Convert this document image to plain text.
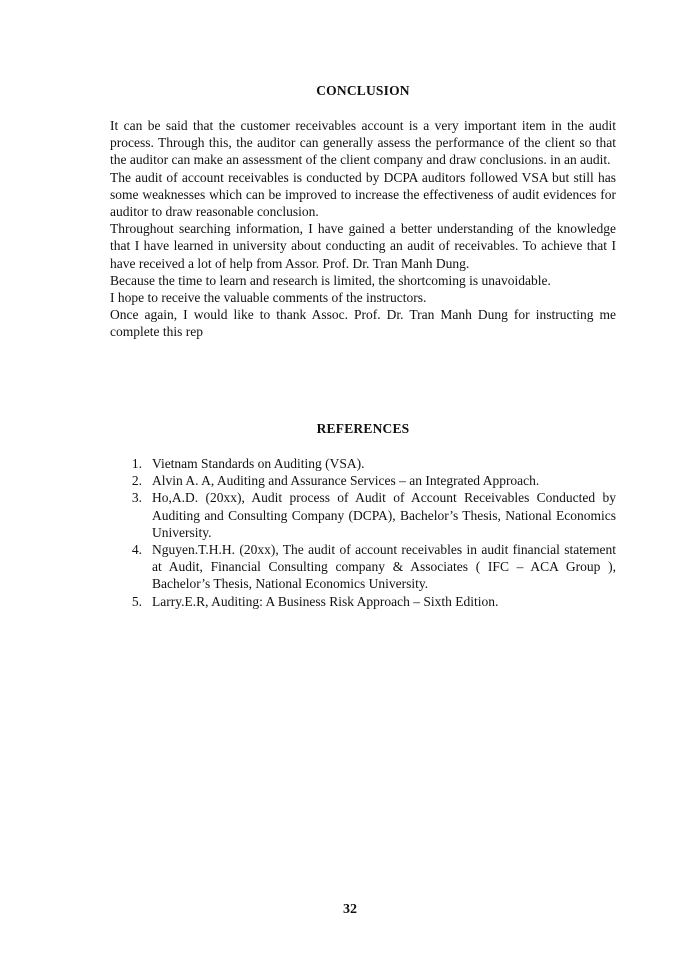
CONCLUSION

It can be said that the customer receivables account is a very important item in the audit process. Through this, the auditor can generally assess the performance of the client so that the auditor can make an assessment of the client company and draw conclusions. in an audit.

The audit of account receivables is conducted by DCPA auditors followed VSA but still has some weaknesses which can be improved to increase the effectiveness of audit evidences for auditor to draw reasonable conclusion.

Throughout searching information, I have gained a better understanding of the knowledge that I have learned in university about conducting an audit of receivables. To achieve that I have received a lot of help from Assor. Prof. Dr. Tran Manh Dung.

Because the time to learn and research is limited, the shortcoming is unavoidable.

I hope to receive the valuable comments of the instructors.

Once again, I would like to thank Assoc. Prof. Dr. Tran Manh Dung for instructing me complete this rep

REFERENCES
1. Vietnam Standards on Auditing (VSA).
2. Alvin A. A, Auditing and Assurance Services – an Integrated Approach.
3. Ho,A.D. (20xx), Audit process of Audit of Account Receivables Conducted by Auditing and Consulting Company (DCPA), Bachelor’s Thesis, National Economics University.
4. Nguyen.T.H.H. (20xx), The audit of account receivables in audit financial statement at Audit, Financial Consulting company & Associates ( IFC – ACA Group ), Bachelor’s Thesis, National Economics University.
5. Larry.E.R, Auditing: A Business Risk Approach – Sixth Edition.
32
